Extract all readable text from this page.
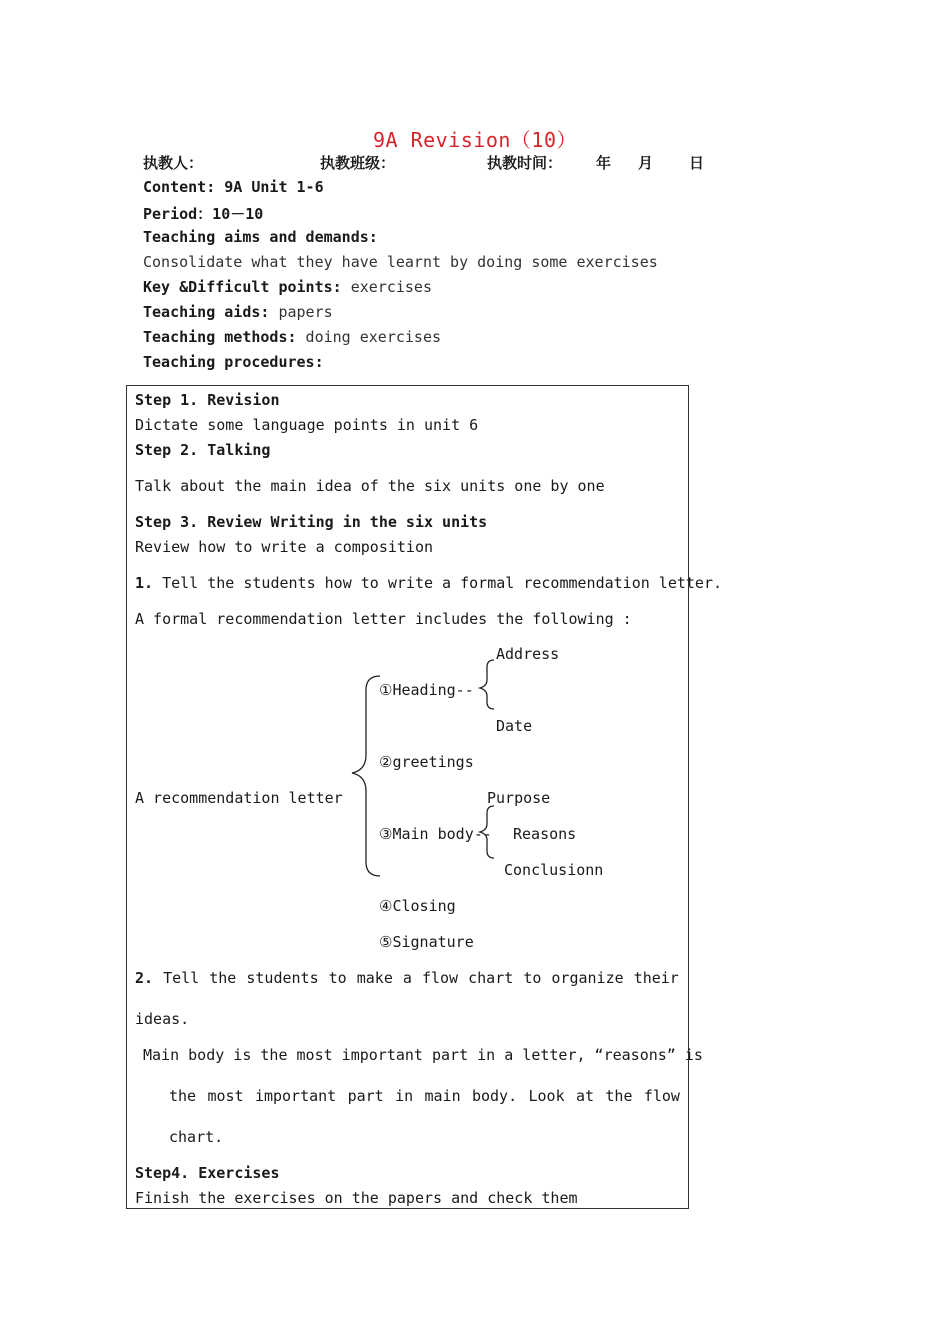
9A Revision（10）
执教人：	执教班级：	执教时间： 年 月 日
Content: 9A Unit 1-6
Period：10－10
Teaching aims and demands:
Consolidate what they have learnt by doing some exercises
Key &Difficult points: exercises
Teaching aids: papers
Teaching methods: doing exercises
Teaching procedures:
Step 1. Revision
Dictate some language points in unit 6
Step 2. Talking
Talk about the main idea of the six units one by one
Step 3. Review Writing in the six units
Review how to write a composition
1. Tell the students how to write a formal recommendation letter.
A formal recommendation letter includes the following :
A recommendation letter
Address
①Heading--
Date
②greetings
Purpose
③Main body-- Reasons
Conclusionn
④Closing
⑤Signature
2. Tell the students to make a flow chart to organize their
ideas.
Main body is the most important part in a letter, “reasons” is
the most important part in main body. Look at the flow
chart.
Step4. Exercises
Finish the exercises on the papers and check them
